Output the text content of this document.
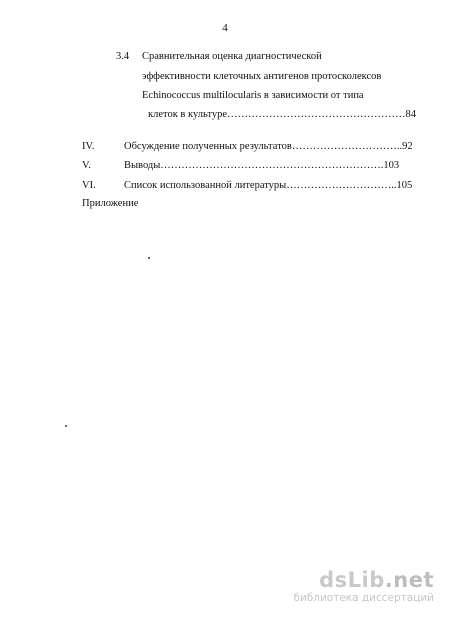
4
3.4 Сравнительная оценка диагностической
эффективности клеточных антигенов протосколексов
Echinococcus multilocularis в зависимости от типа
клеток в культуре……………………………………………84
IV.	Обсуждение полученных результатов…………………………..92
V.	Выводы……………………………………………………….103
VI.	Список использованной литературы…………………………..105
Приложение
dsLib.net
библиотека диссертаций
